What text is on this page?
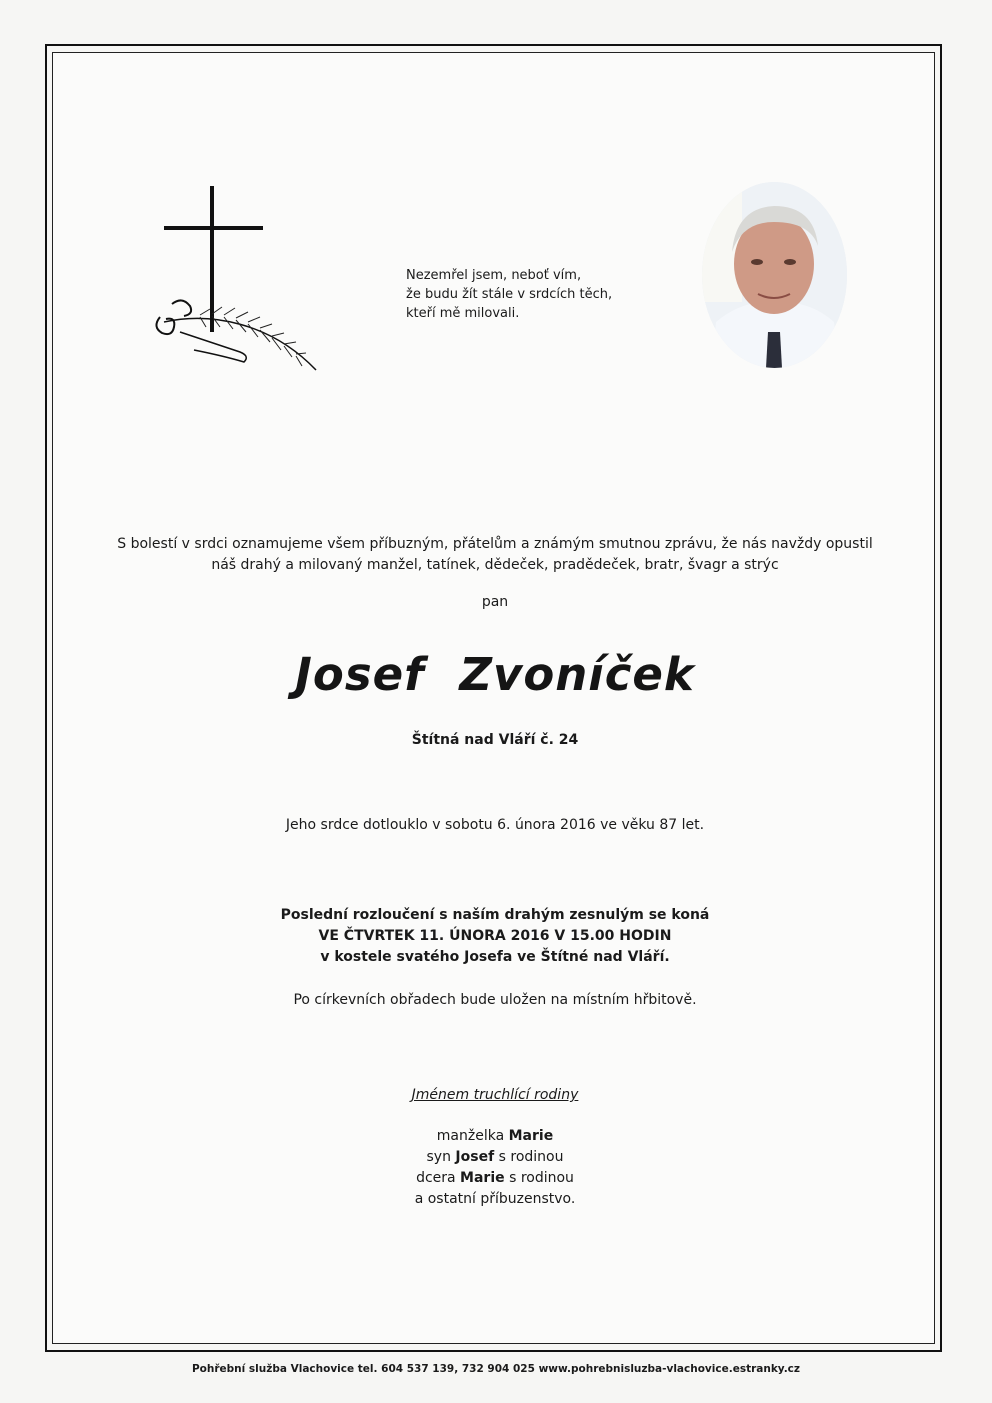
Nezemřel jsem, neboť vím,
že budu žít stále v srdcích těch,
kteří mě milovali.
S bolestí v srdci oznamujeme všem příbuzným, přátelům a známým smutnou zprávu, že nás navždy opustil
náš drahý a milovaný manžel, tatínek, dědeček, pradědeček, bratr, švagr a strýc
pan
Josef Zvoníček
Štítná nad Vláří č. 24
Jeho srdce dotlouklo v sobotu 6. února 2016 ve věku 87 let.
Poslední rozloučení s naším drahým zesnulým se koná
VE ČTVRTEK 11. ÚNORA 2016 V 15.00 HODIN
v kostele svatého Josefa ve Štítné nad Vláří.
Po církevních obřadech bude uložen na místním hřbitově.
Jménem truchlící rodiny
manželka Marie
syn Josef s rodinou
dcera Marie s rodinou
a ostatní příbuzenstvo.
Pohřební služba Vlachovice tel. 604 537 139, 732 904 025 www.pohrebnisluzba-vlachovice.estranky.cz
